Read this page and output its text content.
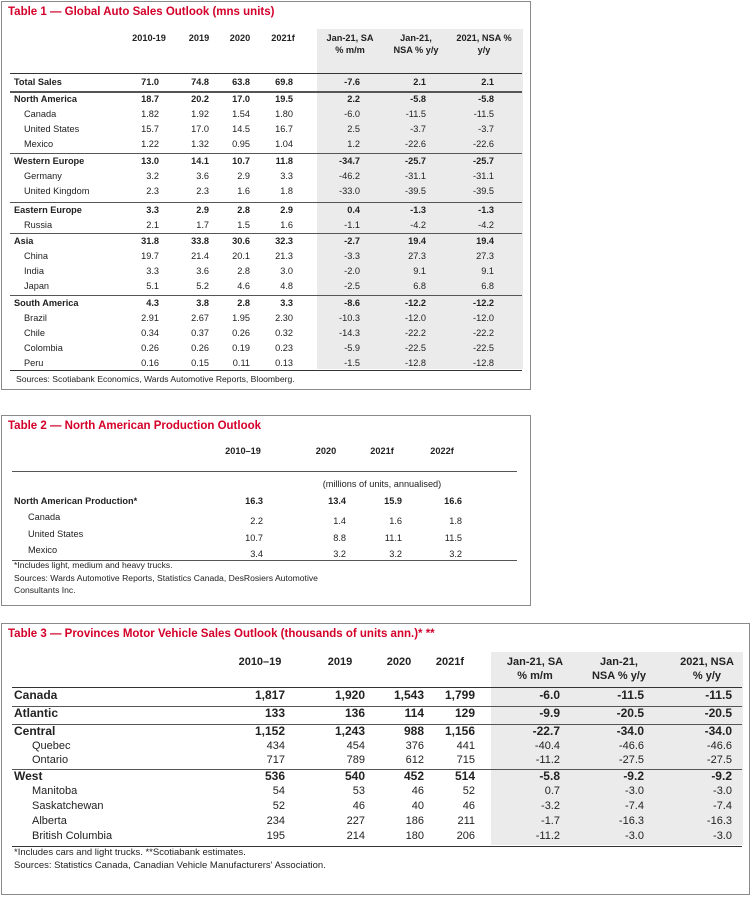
Table 1 — Global Auto Sales Outlook (mns units)
2010-19	2019	2020	2021f	Jan-21, SA
% m/m
Jan-21,
NSA % y/y
2021, NSA %
y/y
Total Sales	71.0	74.8	63.8	69.8	-7.6	2.1	2.1
North America	18.7	20.2	17.0	19.5	2.2	-5.8	-5.8
Canada	1.82	1.92	1.54	1.80	-6.0	-11.5	-11.5
United States	15.7	17.0	14.5	16.7	2.5	-3.7	-3.7
Mexico	1.22	1.32	0.95	1.04	1.2	-22.6	-22.6
Western Europe	13.0	14.1	10.7	11.8	-34.7	-25.7	-25.7
Germany	3.2	3.6	2.9	3.3	-46.2	-31.1	-31.1
United Kingdom	2.3	2.3	1.6	1.8	-33.0	-39.5	-39.5
Eastern Europe	3.3	2.9	2.8	2.9	0.4	-1.3	-1.3
Russia	2.1	1.7	1.5	1.6	-1.1	-4.2	-4.2
Asia	31.8	33.8	30.6	32.3	-2.7	19.4	19.4
China	19.7	21.4	20.1	21.3	-3.3	27.3	27.3
India	3.3	3.6	2.8	3.0	-2.0	9.1	9.1
Japan	5.1	5.2	4.6	4.8	-2.5	6.8	6.8
South America	4.3	3.8	2.8	3.3	-8.6	-12.2	-12.2
Brazil	2.91	2.67	1.95	2.30	-10.3	-12.0	-12.0
Chile	0.34	0.37	0.26	0.32	-14.3	-22.2	-22.2
Colombia	0.26	0.26	0.19	0.23	-5.9	-22.5	-22.5
Peru	0.16	0.15	0.11	0.13	-1.5	-12.8	-12.8
Sources: Scotiabank Economics, Wards Automotive Reports, Bloomberg.
Table 2 — North American Production Outlook
2010–19	2020	2021f	2022f
(millions of units, annualised)
North American Production*	16.3	13.4	15.9	16.6
Canada	2.2	1.4	1.6	1.8
United States	10.7	8.8	11.1	11.5
Mexico	3.4	3.2	3.2	3.2
*Includes light, medium and heavy trucks.
Sources: Wards Automotive Reports, Statistics Canada, DesRosiers Automotive
Consultants Inc.
Table 3 — Provinces Motor Vehicle Sales Outlook (thousands of units ann.)* **
2010–19	2019	2020	2021f	Jan-21, SA
% m/m
Jan-21,
NSA % y/y
2021, NSA
% y/y
Canada	1,817	1,920	1,543	1,799	-6.0	-11.5	-11.5
Atlantic	133	136	114	129	-9.9	-20.5	-20.5
Central	1,152	1,243	988	1,156	-22.7	-34.0	-34.0
Quebec	434	454	376	441	-40.4	-46.6	-46.6
Ontario	717	789	612	715	-11.2	-27.5	-27.5
West	536	540	452	514	-5.8	-9.2	-9.2
Manitoba	54	53	46	52	0.7	-3.0	-3.0
Saskatchewan	52	46	40	46	-3.2	-7.4	-7.4
Alberta	234	227	186	211	-1.7	-16.3	-16.3
British Columbia	195	214	180	206	-11.2	-3.0	-3.0
*Includes cars and light trucks. **Scotiabank estimates.
Sources: Statistics Canada, Canadian Vehicle Manufacturers' Association.
